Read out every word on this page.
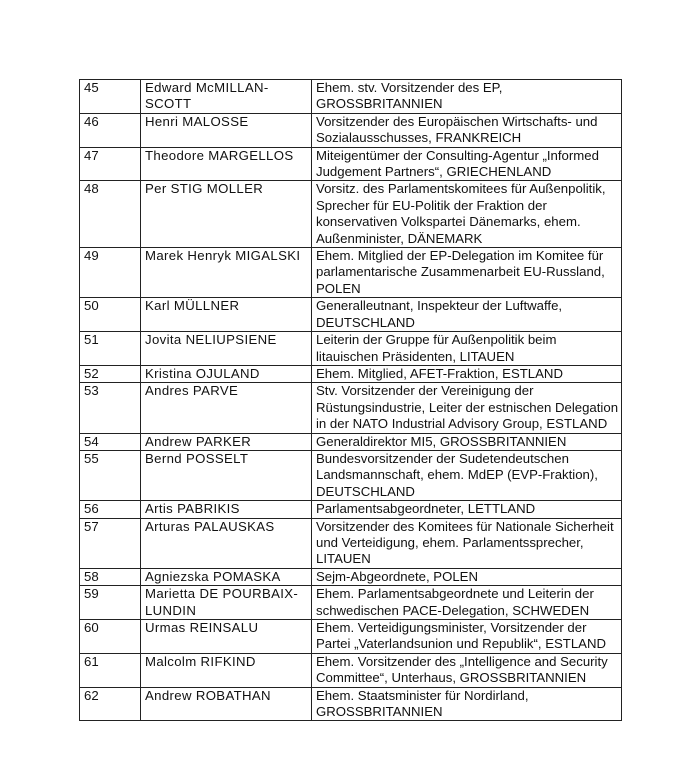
45	Edward McMILLAN-SCOTT	Ehem. stv. Vorsitzender des EP, GROSSBRITANNIEN
46	Henri MALOSSE	Vorsitzender des Europäischen Wirtschafts- und Sozialausschusses, FRANKREICH
47	Theodore MARGELLOS	Miteigentümer der Consulting-Agentur „Informed Judgement Partners“, GRIECHENLAND
48	Per STIG MOLLER	Vorsitz. des Parlamentskomitees für Außenpolitik, Sprecher für EU-Politik der Fraktion der konservativen Volkspartei Dänemarks, ehem. Außenminister, DÄNEMARK
49	Marek Henryk MIGALSKI	Ehem. Mitglied der EP-Delegation im Komitee für parlamentarische Zusammenarbeit EU-Russland, POLEN
50	Karl MÜLLNER	Generalleutnant, Inspekteur der Luftwaffe, DEUTSCHLAND
51	Jovita NELIUPSIENE	Leiterin der Gruppe für Außenpolitik beim litauischen Präsidenten, LITAUEN
52	Kristina OJULAND	Ehem. Mitglied, AFET-Fraktion, ESTLAND
53	Andres PARVE	Stv. Vorsitzender der Vereinigung der Rüstungsindustrie, Leiter der estnischen Delegation in der NATO Industrial Advisory Group, ESTLAND
54	Andrew PARKER	Generaldirektor MI5, GROSSBRITANNIEN
55	Bernd POSSELT	Bundesvorsitzender der Sudetendeutschen Landsmannschaft, ehem. MdEP (EVP-Fraktion), DEUTSCHLAND
56	Artis PABRIKIS	Parlamentsabgeordneter, LETTLAND
57	Arturas PALAUSKAS	Vorsitzender des Komitees für Nationale Sicherheit und Verteidigung, ehem. Parlamentssprecher, LITAUEN
58	Agniezska POMASKA	Sejm-Abgeordnete, POLEN
59	Marietta DE POURBAIX-LUNDIN	Ehem. Parlamentsabgeordnete und Leiterin der schwedischen PACE-Delegation, SCHWEDEN
60	Urmas REINSALU	Ehem. Verteidigungsminister, Vorsitzender der Partei „Vaterlandsunion und Republik“, ESTLAND
61	Malcolm RIFKIND	Ehem. Vorsitzender des „Intelligence and Security Committee“, Unterhaus, GROSSBRITANNIEN
62	Andrew ROBATHAN	Ehem. Staatsminister für Nordirland, GROSSBRITANNIEN
